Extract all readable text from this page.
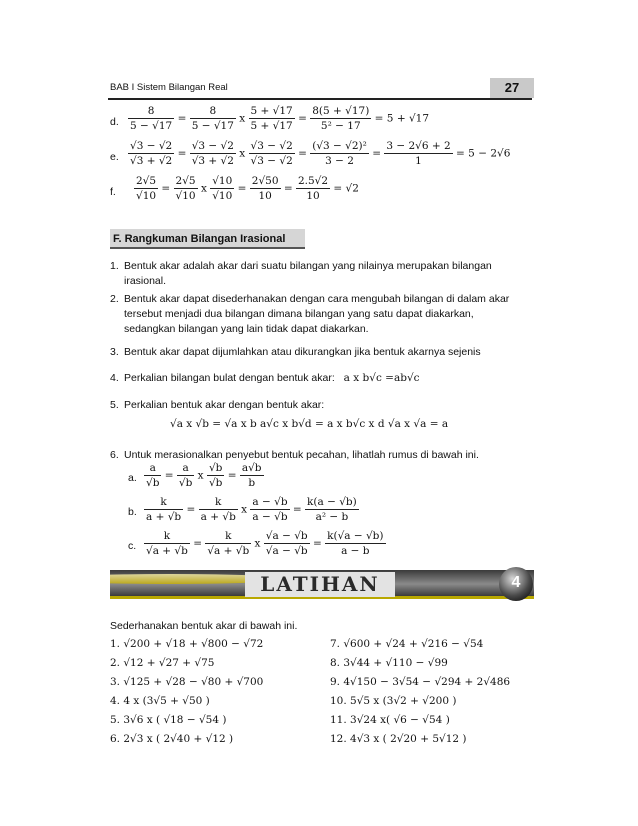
BAB I Sistem Bilangan Real	27
d. $\frac{8}{5 - √17} = \frac{8}{5 - √17}$ x $\frac{5 + √17}{5 + √17} = \frac{8(5 + √17)}{\text{5² − 17}} = 5 + √17$
e. $\frac{√3 - √2}{√3 + √2} = \frac{√3 - √2}{√3 + √2}$ x $\frac{√3 - √2}{√3 - √2} = \frac{\text{(√3 − √2)²}}{3 - 2} = \frac{3 - 2√6 + 2}{1} = 5 - 2√6$
f. $\frac{2√5}{√10} = \frac{2√5}{√10}$ x $\frac{√10}{√10} = \frac{2√50}{10} = \frac{2.5√2}{10} = √2$
F. Rangkuman Bilangan Irasional
1. Bentuk akar adalah akar dari suatu bilangan yang nilainya merupakan bilangan
irasional.
2. Bentuk akar dapat disederhanakan dengan cara mengubah bilangan di dalam akar
tersebut menjadi dua bilangan dimana bilangan yang satu dapat diakarkan,
sedangkan bilangan yang lain tidak dapat diakarkan.
3. Bentuk akar dapat dijumlahkan atau dikurangkan jika bentuk akarnya sejenis
4. Perkalian bilangan bulat dengan bentuk akar: a x b√c =ab√c
5. Perkalian bentuk akar dengan bentuk akar:
√a x √b = √a x b a√c x b√d = a x b√c x d √a x √a = a
6. Untuk merasionalkan penyebut bentuk pecahan, lihatlah rumus di bawah ini.
a. $\frac{a}{√b} = \frac{a}{√b}$ x $\frac{√b}{√b} = \frac{a√b}{b}$
b. $\frac{k}{a + √b} = \frac{k}{a + √b}$ x $\frac{a - √b}{a - √b} = \frac{k(a - √b)}{\text{a² − b}}$
c. $\frac{k}{√a + √b} = \frac{k}{√a + √b}$ x $\frac{√a - √b}{√a - √b} = \frac{k(√a - √b)}{a - b}$
LATIHAN	4
Sederhanakan bentuk akar di bawah ini.
1. √200 + √18 + √800 − √72
2. √12 + √27 + √75
3. √125 + √28 − √80 + √700
4. 4 x (3√5 + √50 )
5. 3√6 x ( √18 − √54 )
6. 2√3 x ( 2√40 + √12 )
7. √600 + √24 + √216 − √54
8. 3√44 + √110 − √99
9. 4√150 − 3√54 − √294 + 2√486
10. 5√5 x (3√2 + √200 )
11. 3√24 x( √6 − √54 )
12. 4√3 x ( 2√20 + 5√12 )
